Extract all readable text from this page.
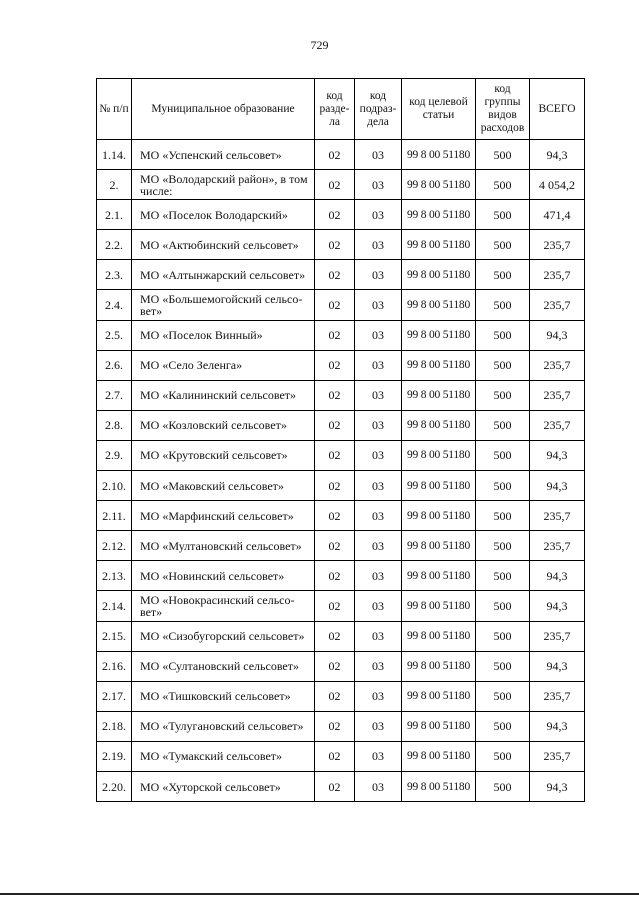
729
№ п/п	Муниципальное образование	код разде-ла	код подраз-дела	код целевой статьи	код группы видов расходов	ВСЕГО
1.14.	МО «Успенский сельсовет»	02	03	99 8 00 51180	500	94,3
2.	МО «Володарский район», в том числе:	02	03	99 8 00 51180	500	4 054,2
2.1.	МО «Поселок Володарский»	02	03	99 8 00 51180	500	471,4
2.2.	МО «Актюбинский сельсовет»	02	03	99 8 00 51180	500	235,7
2.3.	МО «Алтынжарский сельсовет»	02	03	99 8 00 51180	500	235,7
2.4.	МО «Большемогойский сельсо-вет»	02	03	99 8 00 51180	500	235,7
2.5.	МО «Поселок Винный»	02	03	99 8 00 51180	500	94,3
2.6.	МО «Село Зеленга»	02	03	99 8 00 51180	500	235,7
2.7.	МО «Калининский сельсовет»	02	03	99 8 00 51180	500	235,7
2.8.	МО «Козловский сельсовет»	02	03	99 8 00 51180	500	235,7
2.9.	МО «Крутовский сельсовет»	02	03	99 8 00 51180	500	94,3
2.10.	МО «Маковский сельсовет»	02	03	99 8 00 51180	500	94,3
2.11.	МО «Марфинский сельсовет»	02	03	99 8 00 51180	500	235,7
2.12.	МО «Мултановский сельсовет»	02	03	99 8 00 51180	500	235,7
2.13.	МО «Новинский сельсовет»	02	03	99 8 00 51180	500	94,3
2.14.	МО «Новокрасинский сельсо-вет»	02	03	99 8 00 51180	500	94,3
2.15.	МО «Сизобугорский сельсовет»	02	03	99 8 00 51180	500	235,7
2.16.	МО «Султановский сельсовет»	02	03	99 8 00 51180	500	94,3
2.17.	МО «Тишковский сельсовет»	02	03	99 8 00 51180	500	235,7
2.18.	МО «Тулугановский сельсовет»	02	03	99 8 00 51180	500	94,3
2.19.	МО «Тумакский сельсовет»	02	03	99 8 00 51180	500	235,7
2.20.	МО «Хуторской сельсовет»	02	03	99 8 00 51180	500	94,3
